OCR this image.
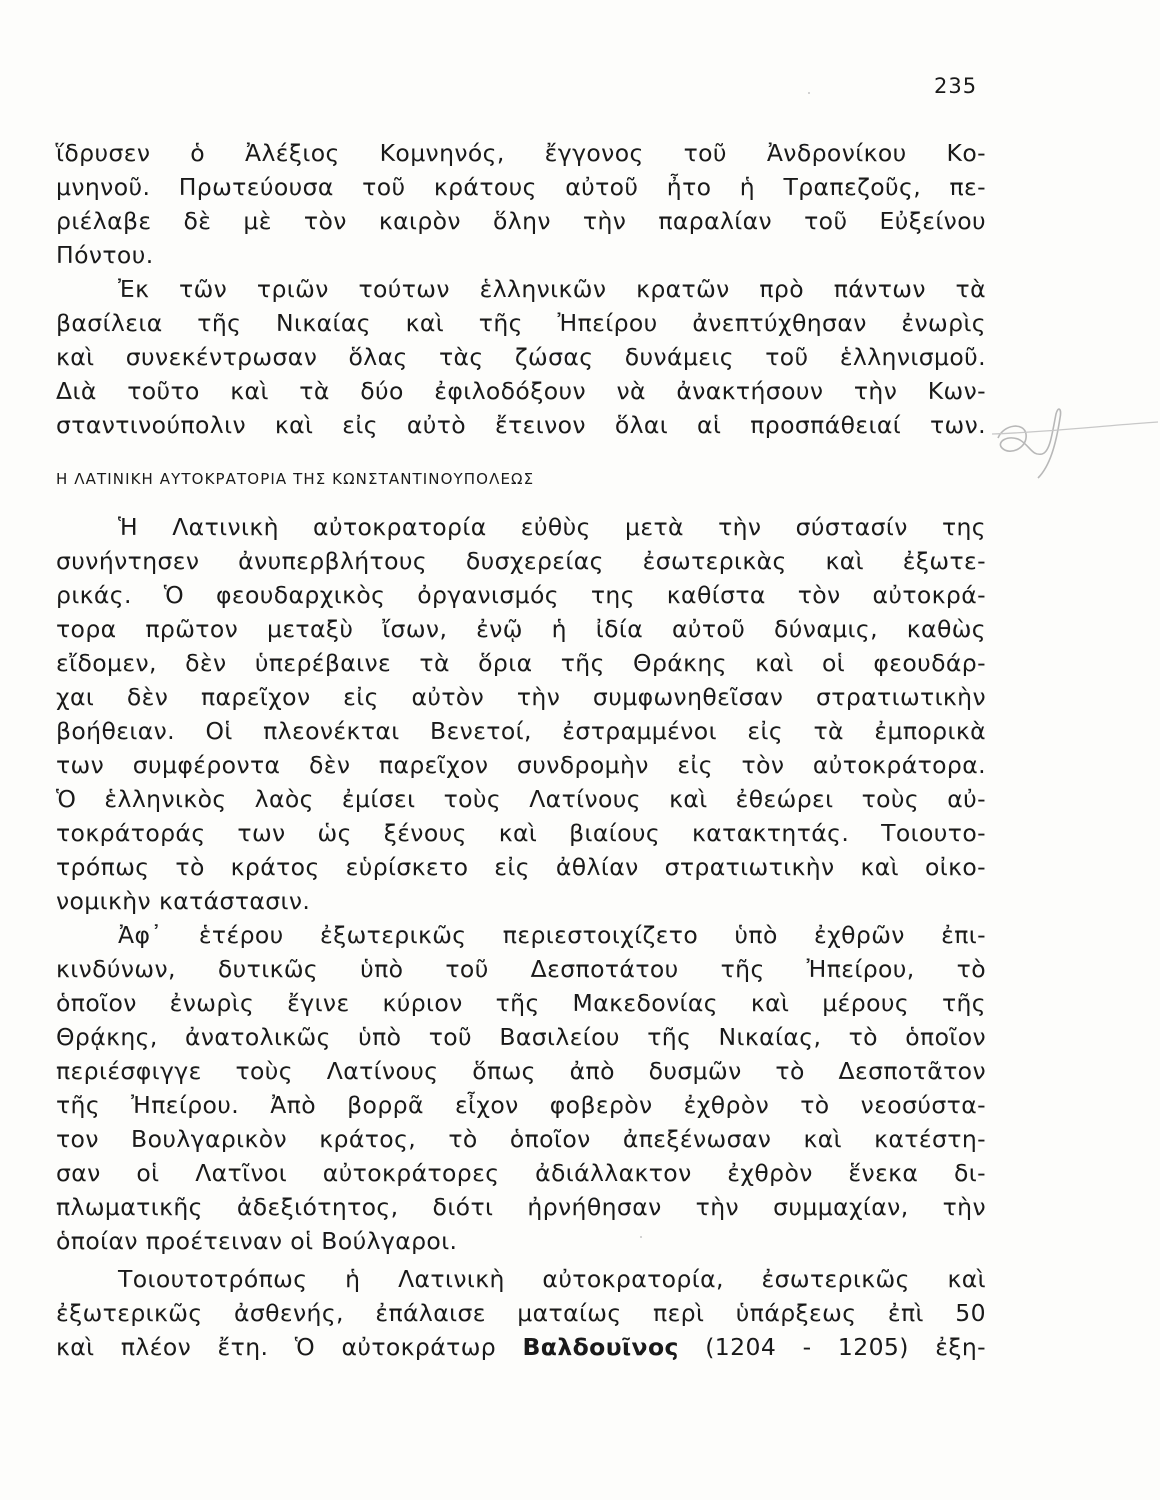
235
ἵδρυσεν ὁ Ἀλέξιος Κομνηνός, ἔγγονος τοῦ Ἀνδρονίκου Κο-
μνηνοῦ. Πρωτεύουσα τοῦ κράτους αὐτοῦ ἦτο ἡ Τραπεζοῦς, πε-
ριέλαβε δὲ μὲ τὸν καιρὸν ὅλην τὴν παραλίαν τοῦ Εὐξείνου
Πόντου.
Ἐκ τῶν τριῶν τούτων ἑλληνικῶν κρατῶν πρὸ πάντων τὰ
βασίλεια τῆς Νικαίας καὶ τῆς Ἠπείρου ἀνεπτύχθησαν ἐνωρὶς
καὶ συνεκέντρωσαν ὅλας τὰς ζώσας δυνάμεις τοῦ ἑλληνισμοῦ.
Διὰ τοῦτο καὶ τὰ δύο ἐφιλοδόξουν νὰ ἀνακτήσουν τὴν Κων-
σταντινούπολιν καὶ εἰς αὐτὸ ἔτεινον ὅλαι αἱ προσπάθειαί των.
Η ΛΑΤΙΝΙΚΗ ΑΥΤΟΚΡΑΤΟΡΙΑ ΤΗΣ ΚΩΝΣΤΑΝΤΙΝΟΥΠΟΛΕΩΣ
Ἡ Λατινικὴ αὐτοκρατορία εὐθὺς μετὰ τὴν σύστασίν της
συνήντησεν ἀνυπερβλήτους δυσχερείας ἐσωτερικὰς καὶ ἐξωτε-
ρικάς. Ὁ φεουδαρχικὸς ὀργανισμός της καθίστα τὸν αὐτοκρά-
τορα πρῶτον μεταξὺ ἴσων, ἐνῷ ἡ ἰδία αὐτοῦ δύναμις, καθὼς
εἴδομεν, δὲν ὑπερέβαινε τὰ ὅρια τῆς Θράκης καὶ οἱ φεουδάρ-
χαι δὲν παρεῖχον εἰς αὐτὸν τὴν συμφωνηθεῖσαν στρατιωτικὴν
βοήθειαν. Οἱ πλεονέκται Βενετοί, ἐστραμμένοι εἰς τὰ ἐμπορικὰ
των συμφέροντα δὲν παρεῖχον συνδρομὴν εἰς τὸν αὐτοκράτορα.
Ὁ ἑλληνικὸς λαὸς ἐμίσει τοὺς Λατίνους καὶ ἐθεώρει τοὺς αὐ-
τοκράτοράς των ὡς ξένους καὶ βιαίους κατακτητάς. Τοιουτο-
τρόπως τὸ κράτος εὑρίσκετο εἰς ἀθλίαν στρατιωτικὴν καὶ οἰκο-
νομικὴν κατάστασιν.
Ἀφ᾽ ἑτέρου ἐξωτερικῶς περιεστοιχίζετο ὑπὸ ἐχθρῶν ἐπι-
κινδύνων, δυτικῶς ὑπὸ τοῦ Δεσποτάτου τῆς Ἠπείρου, τὸ
ὁποῖον ἐνωρὶς ἔγινε κύριον τῆς Μακεδονίας καὶ μέρους τῆς
Θρᾴκης, ἀνατολικῶς ὑπὸ τοῦ Βασιλείου τῆς Νικαίας, τὸ ὁποῖον
περιέσφιγγε τοὺς Λατίνους ὅπως ἀπὸ δυσμῶν τὸ Δεσποτᾶτον
τῆς Ἠπείρου. Ἀπὸ βορρᾶ εἶχον φοβερὸν ἐχθρὸν τὸ νεοσύστα-
τον Βουλγαρικὸν κράτος, τὸ ὁποῖον ἀπεξένωσαν καὶ κατέστη-
σαν οἱ Λατῖνοι αὐτοκράτορες ἀδιάλλακτον ἐχθρὸν ἕνεκα δι-
πλωματικῆς ἀδεξιότητος, διότι ἠρνήθησαν τὴν συμμαχίαν, τὴν
ὁποίαν προέτειναν οἱ Βούλγαροι.
Τοιουτοτρόπως ἡ Λατινικὴ αὐτοκρατορία, ἐσωτερικῶς καὶ
ἐξωτερικῶς ἀσθενής, ἐπάλαισε ματαίως περὶ ὑπάρξεως ἐπὶ 50
καὶ πλέον ἔτη. Ὁ αὐτοκράτωρ Βαλδουῖνος (1204 - 1205) ἐξη-
